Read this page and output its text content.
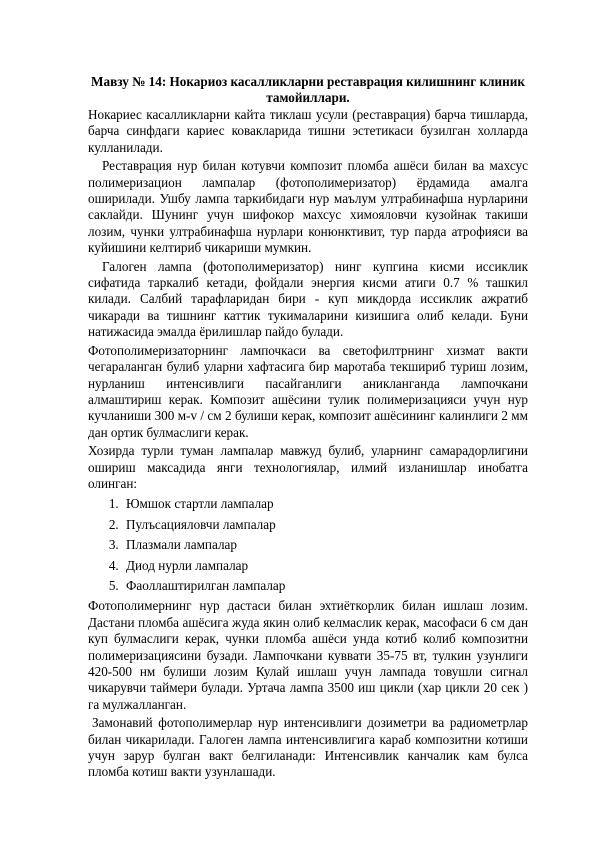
Мавзу № 14: Нокариоз касалликларни реставрация килишнинг клиник тамойиллари.

Нокариес касалликларни кайта тиклаш усули (реставрация) барча тишларда, барча синфдаги кариес ковакларида тишни эстетикаси бузилган холларда кулланилади.

Реставрация нур билан котувчи композит пломба ашёси билан ва махсус полимеризацион лампалар (фотополимеризатор) ёрдамида амалга оширилади. Ушбу лампа таркибидаги нур маълум ултрабинафша нурларини саклайди. Шунинг учун шифокор махсус химояловчи кузойнак такиши лозим, чунки ултрабинафша нурлари конюнктивит, тур парда атрофияси ва куйишини келтириб чикариши мумкин.

Галоген лампа (фотополимеризатор) нинг купгина кисми иссиклик сифатида таркалиб кетади, фойдали энергия кисми атиги 0.7 % ташкил килади. Салбий тарафларидан бири - куп микдорда иссиклик ажратиб чикаради ва тишнинг каттик тукималарини кизишига олиб келади. Буни натижасида эмалда ёрилишлар пайдо булади.

Фотополимеризаторнинг лампочкаси ва светофилтрнинг хизмат вакти чегараланган булиб уларни хафтасига бир маротаба текшириб туриш лозим, нурланиш интенсивлиги пасайганлиги аникланганда лампочкани алмаштириш керак. Композит ашёсини тулик полимеризацияси учун нур кучланиши 300 м-v / см 2 булиши керак, композит ашёсининг калинлиги 2 мм дан ортик булмаслиги керак.

Хозирда турли туман лампалар мавжуд булиб, уларнинг самарадорлигини ошириш максадида янги технологиялар, илмий изланишлар инобатга олинган:

1. Юмшок стартли лампалар
2. Пулъсацияловчи лампалар
3. Плазмали лампалар
4. Диод нурли лампалар
5. Фаоллаштирилган лампалар

Фотополимернинг нур дастаси билан эхтиёткорлик билан ишлаш лозим. Дастани пломба ашёсига жуда якин олиб келмаслик керак, масофаси 6 см дан куп булмаслиги керак, чунки пломба ашёси унда котиб колиб композитни полимеризациясини бузади. Лампочкани куввати 35-75 вт, тулкин узунлиги 420-500 нм булиши лозим Кулай ишлаш учун лампада товушли сигнал чикарувчи таймери булади. Уртача лампа 3500 иш цикли (хар цикли 20 сек ) га мулжалланган.

Замонавий фотополимерлар нур интенсивлиги дозиметри ва радиометрлар билан чикарилади. Галоген лампа интенсивлигига караб композитни котиши учун зарур булган вакт белгиланади: Интенсивлик канчалик кам булса пломба котиш вакти узунлашади.
